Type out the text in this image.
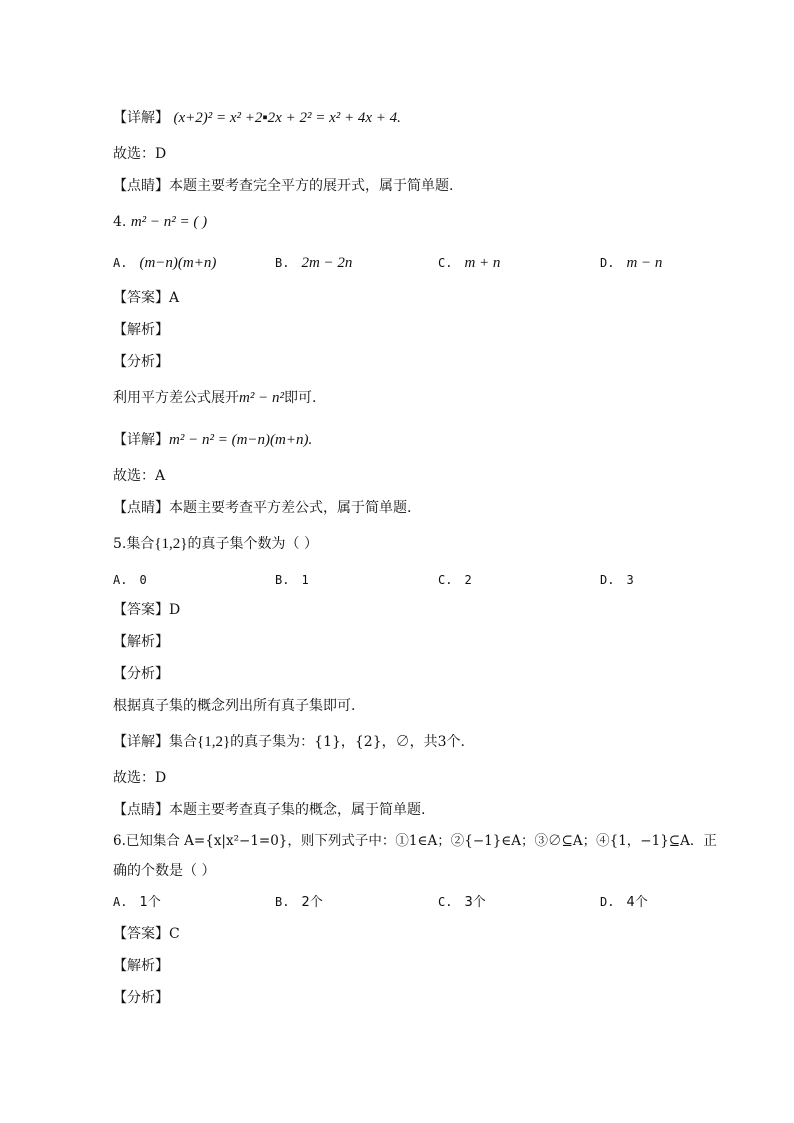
【详解】 (x+2)² = x² +2▪2x + 2² = x² + 4x + 4.
故选：D
【点睛】本题主要考查完全平方的展开式，属于简单题.
4. m² − n² = ( )
A. (m−n)(m+n)	B. 2m − 2n	C. m + n	D. m − n
【答案】A
【解析】
【分析】
利用平方差公式展开m² − n²即可.
【详解】m² − n² = (m−n)(m+n).
故选：A
【点睛】本题主要考查平方差公式，属于简单题.
5.集合{1,2}的真子集个数为（ ）
A. 0	B. 1	C. 2	D. 3
【答案】D
【解析】
【分析】
根据真子集的概念列出所有真子集即可.
【详解】集合{1,2}的真子集为：{1}，{2}，∅，共3个.
故选：D
【点睛】本题主要考查真子集的概念，属于简单题.
6.已知集合 A={x|x²−1=0}，则下列式子中：①1∈A；②{−1}∈A；③∅⊆A；④{1，−1}⊆A．正
确的个数是（ ）
A. 1个	B. 2个	C. 3个	D. 4个
【答案】C
【解析】
【分析】
